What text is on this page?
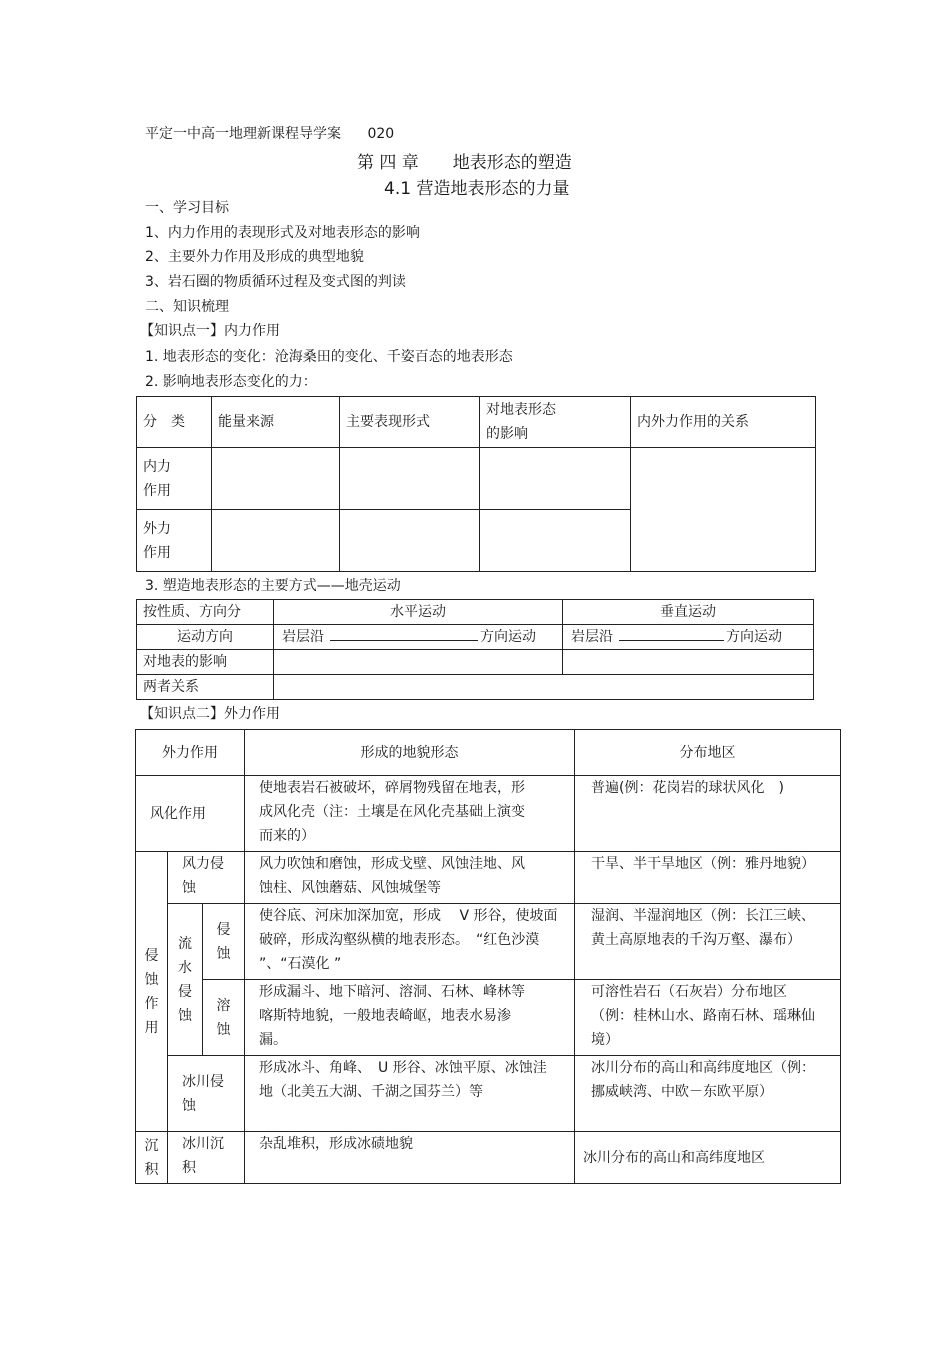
平定一中高一地理新课程导学案 020
第 四 章　　地表形态的塑造
4.1 营造地表形态的力量
一、学习目标
1、内力作用的表现形式及对地表形态的影响
2、主要外力作用及形成的典型地貌
3、岩石圈的物质循环过程及变式图的判读
二、知识梳理
【知识点一】内力作用
1. 地表形态的变化：沧海桑田的变化、千姿百态的地表形态
2. 影响地表形态变化的力：
分　类	能量来源	主要表现形式	对地表形态的影响	内外力作用的关系

内力作用				

外力作用				

3. 塑造地表形态的主要方式——地壳运动
按性质、方向分	水平运动	垂直运动
运动方向	岩层沿 方向运动	岩层沿 方向运动
对地表的影响		
两者关系		
【知识点二】外力作用
外力作用			形成的地貌形态	分布地区
风化作用			使地表岩石被破坏，碎屑物残留在地表，形成风化壳（注：土壤是在风化壳基础上演变而来的）	普遍(例：花岗岩的球状风化　)

侵蚀作用	风力侵蚀		风力吹蚀和磨蚀，形成戈壁、风蚀洼地、风蚀柱、风蚀蘑菇、风蚀城堡等	干旱、半干旱地区（例：雅丹地貌）

	流水侵蚀	侵蚀	使谷底、河床加深加宽，形成　 V 形谷，使坡面破碎，形成沟壑纵横的地表形态。　“红色沙漠 ”、“石漠化 ”	湿润、半湿润地区（例：长江三峡、黄土高原地表的千沟万壑、瀑布）

		溶蚀	形成漏斗、地下暗河、溶洞、石林、峰林等喀斯特地貌，一般地表崎岖，地表水易渗漏。	可溶性岩石（石灰岩）分布地区（例：桂林山水、路南石林、瑶琳仙境）

	冰川侵蚀		形成冰斗、角峰、　U 形谷、冰蚀平原、冰蚀洼地（北美五大湖、千湖之国芬兰）等	冰川分布的高山和高纬度地区（例：挪威峡湾、中欧－东欧平原）

沉积	冰川沉积		杂乱堆积，形成冰碛地貌	冰川分布的高山和高纬度地区
